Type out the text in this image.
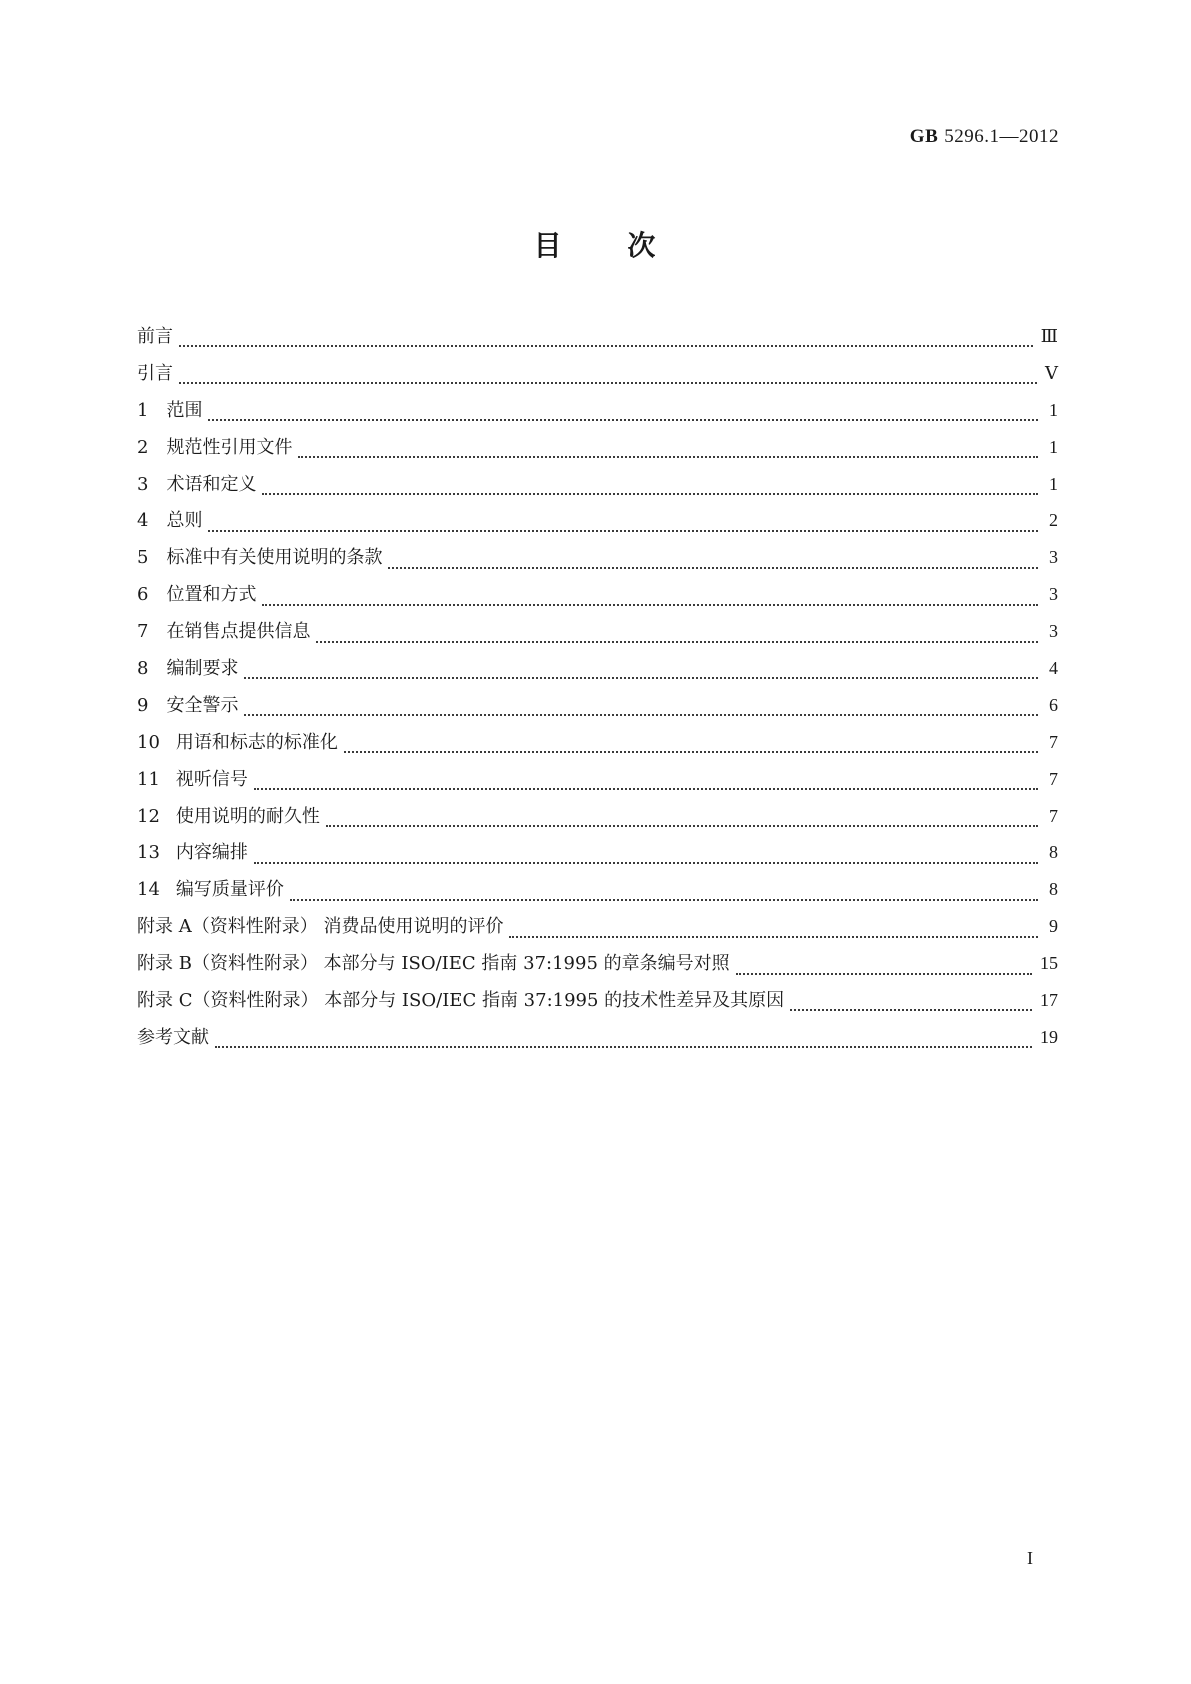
GB 5296.1—2012
目 次
前言	Ⅲ
引言	Ⅴ
1 范围	1
2 规范性引用文件	1
3 术语和定义	1
4 总则	2
5 标准中有关使用说明的条款	3
6 位置和方式	3
7 在销售点提供信息	3
8 编制要求	4
9 安全警示	6
10 用语和标志的标准化	7
11 视听信号	7
12 使用说明的耐久性	7
13 内容编排	8
14 编写质量评价	8
附录 A（资料性附录） 消费品使用说明的评价	9
附录 B（资料性附录） 本部分与 ISO/IEC 指南 37:1995 的章条编号对照	15
附录 C（资料性附录） 本部分与 ISO/IEC 指南 37:1995 的技术性差异及其原因	17
参考文献	19
I
